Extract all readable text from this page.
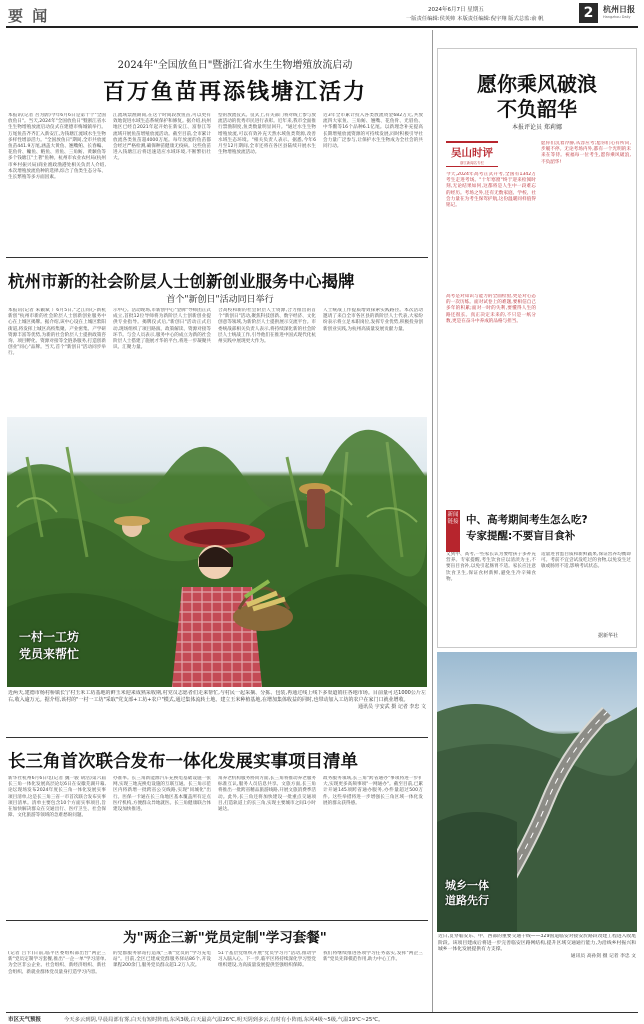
要 闻	2024年6月7日 星期五
一版责任编辑:侯英帅 本版责任编辑:倪宇翔 版式总监:俞 帆	2	杭州日报
Hangzhou Daily
2024年"全国放鱼日"暨浙江省水生生物增殖放流启动
百万鱼苗再添钱塘江活力
本报讯(记者 吾为蔚)今年6月6日是第十个"全国放鱼日"。当天,2024年"全国放鱼日"暨浙江省水生生物增殖放流启动仪式在建德市梅城镇举行。万尾鱼苗齐齐汇入新安江,为钱塘江流域水生生物多样性增添活力。"全国放鱼日"期间,全市共放流鱼苗441.9万尾,涵盖大黄鱼、翘嘴鲌、长春鳊、花鱼骨、鳙鱼、鲢鱼、青鱼、三角鲂、黄颡鱼等多个钱塘江"土著"鱼种。杭州市农业农村局(杭州市乡村振兴局)商业渔政渔港处相关负责人介绍,本次增殖放流鱼种的选择,综合了鱼类生态分布、生长繁殖等多方面因素。
江流域禁渔期间,在这个时间段放鱼苗,可以更有效地促进水域生态系统保护和修复。据介绍,杭州地区已经自2021年起开始在新安江、富春江等流域开展鱼苗增殖放流活动。截至目前,全市累计放流各类鱼苗超4000万尾。每年放流的鱼苗都会经过严格检测,确保种苗健康无疫病。这些鱼苗进入钱塘江后将迅速适应水域环境,不断繁衍壮大。
型的放流仪式。仪式上,有关部门将对线上参与放流活动的优秀市民进行表彰。近年来,我市全面推行禁渔制度,鱼类数量明显回升。"通过水生生物增殖放流,可以有效补充天然水域鱼类资源,改善水域生态环境。"相关负责人表示。据悉,今年6月至12月期间,全市还将在各区县陆续开展水生生物增殖放流活动。
近3年全市累计投入各类放流资金682万元,共放流四大家鱼、三角鲂、翘嘴、花鱼骨、光唇鱼、中华鳖等16个品种6.1亿尾。以新理念补充提高长期增殖放流资源的可持续发展,同时积极引导社会力量广泛参与,让保护水生生物成为全社会的共同行动。
杭州市新的社会阶层人士创新创业服务中心揭牌
首个"新创日"活动同日举行
本报讯(记者 朱颖斌 ）6月5日,"之江同心·新杭新创"杭州市新的社会阶层人士创新创业服务中心在上城区揭牌。据介绍,该中心设在上城区紫阳街道,将发挥上城区高校集聚、产业密集、产学研资源丰富等优势,为新的社会阶层人士提供政策咨询、项目孵化、资源对接等全链条服务,打造创新创业"同心"品牌。当天,首个"新创日"活动同步举行。
示中心。活动现场,市新创中心"金牌"导师团正式成立,首批12位导师将为新阶层人士创新创业提供专业指导。揭牌仪式后,"新创日"活动正式启动,现场组织了项目路演、政策解读、资源对接等环节。与会人员表示,服务中心的成立为新的社会阶层人士搭建了施展才华的平台,将进一步凝聚共识、汇聚力量。
合高校和新的社会阶层人士资源,合力推出的首个"新创日"活动,聚焦科技创新、数字经济、文化创意等领域,为新阶层人士提供展示交流平台。市委统战部相关负责人表示,将持续深化新的社会阶层人士统战工作,引导他们在推进中国式现代化杭州实践中展现更大作为。
人士统战工作提质增效探索实践路径。本次活动邀请了来自全市各区县的新阶层人士代表,大家纷纷表示将立足本职岗位,发挥专业优势,积极投身创新创业实践,为杭州高质量发展贡献力量。
一村一工坊
党员来帮忙
近两天,建德市杨村桥镇长宁村玉米工坊基地的鲜玉米迎来成熟采收期,村党员志愿者们走来帮忙,与村民一起采摘、分拣、包装,再通过线上线下多渠道销往各地市场。目前量可达1000公斤左右,收入逾万元。据介绍,该村的"一村一工坊"采取"党支部+工坊+农户"模式,通过集体流转土地、建立玉米种植基地,在增加集体收益的同时,也带动加入工坊的农户在家门口就业增收。
通讯员 宇安武 摄 记者 李忠 文
长三角首次联合发布一体化发展实事项目清单
新华社杭州6月6日电(记者 魏一骏 胡浩)第六届长三角一体化发展高层论坛6日在安徽芜湖开幕,论坛现场发布2024年度长三角一体化发展实事项目清单,这是长三角三省一市首次联合发布实事项目清单。清单主要包含10个方面实事项目,旨在加快解决群众在交通出行、医疗卫生、社会保障、文化旅游等领域的急难愁盼问题。
办准率。长三角新能源汽车充换电基础设施一张网,实现三地充换电设施的互联互通。长三角示范区内将新增一批跨省公交线路,实现"同城化"出行。医保一卡通在长三角地区基本覆盖所有定点医疗机构,方便群众异地就医。长三角健康联合体建设加快推进。
角养老机构服务协同方面,长三角将推动养老服务标准互认,服务人员信息共享。文旅方面,长三角将推出一批跨省精品旅游线路,开展文旅消费季活动。此外,长三角还将加快建设一批重点交通项目,打造轨道上的长三角,实现主要城市之间1小时通达。
政务服务领域,长三角"跨省通办"事项将进一步扩大,实现更多高频事项"一网通办"。截至目前,已累计开通145项跨省通办服务,办件量超过500万件。这些举措将进一步增强长三角区域一体化发展的群众获得感。
为"两企三新"党员定制"学习套餐"
(记者 吕卡)日前,临平区委组织部出台"两企三新"党员定制学习套餐,推出"一企一单"学习清单,为全区非公企业、社会组织、新经济组织、新社会组织、新就业群体党员量身打造学习内容。
的党群服务驿站打造成"三新"党员的"学习充电站"。目前,全区已建成党群服务驿站86个,开设课程200余门,服务党员群众超1.2万人次。
51个基层党组织开展"党员学习月"活动,推动学习入脑入心。下一步,临平区将持续深化学习型党组织建设,为高质量发展提供坚强组织保障。
我们将继续推进各项学习任务落实,发挥"两企三新"党员先锋模范作用,助力中心工作。
愿你乘风破浪
不负韶华
本报评论员 郑莉娜
吴山时评
浙江新闻名专栏
今天,2024年高考正式开考,全国有1342万考生走进考场。"十年寒窗"终于迎来检阅时刻,无论结果如何,这都将是人生中一段难忘的经历。考场之外,还有无数家庭、学校、社会力量在为考生保驾护航,这份温暖同样值得铭记。
高考是对知识与能力的全面检验,更是对心态的一次历练。面对试卷上的难题,要相信自己多年的积累;面对一时的失利,要懂得人生的路还很长。真正决定未来的,不只是一纸分数,更是在奋斗中养成的品格与担当。
愿你们沉着冷静,从容应考;愿你们心有所向,步履不停。无论考场内外,都有一个光明的未来在等待。祝福每一位考生,愿你乘风破浪,不负韶华!
新闻链接 中、高考期间考生怎么吃?
专家提醒:不要盲目食补
又到中、高考,一些家长认为要给孩子多补充营养。专家提醒,考生饮食应以清淡为主,不要盲目食补,以免引起肠胃不适。家长应注意饮食卫生,保证食材新鲜,避免生冷辛辣食物。
适量进食蛋白质和新鲜蔬果,保证营养均衡即可。考前不宜尝试没吃过的食物,以免发生过敏或肠胃不适,影响考试状态。
据新华社
城乡一体
道路先行
近日,贯穿临安东、中、西部的重要交通干线——329国道临安对接安於路段改建工程进入收尾阶段。该项目建成后将进一步完善临安区路网结构,提升区域交通通行能力,为沿线乡村振兴和城乡一体化发展提供有力支撑。

通讯员 高孙剑 摄 记者 李忠 文
市区天气预报	今天多云到阴,早晨局部有雾,白天有短时阵雨,东风3级,白天最高气温26℃,明天阴到多云,有时有小阵雨,东风4级~5级,气温19℃~25℃。
